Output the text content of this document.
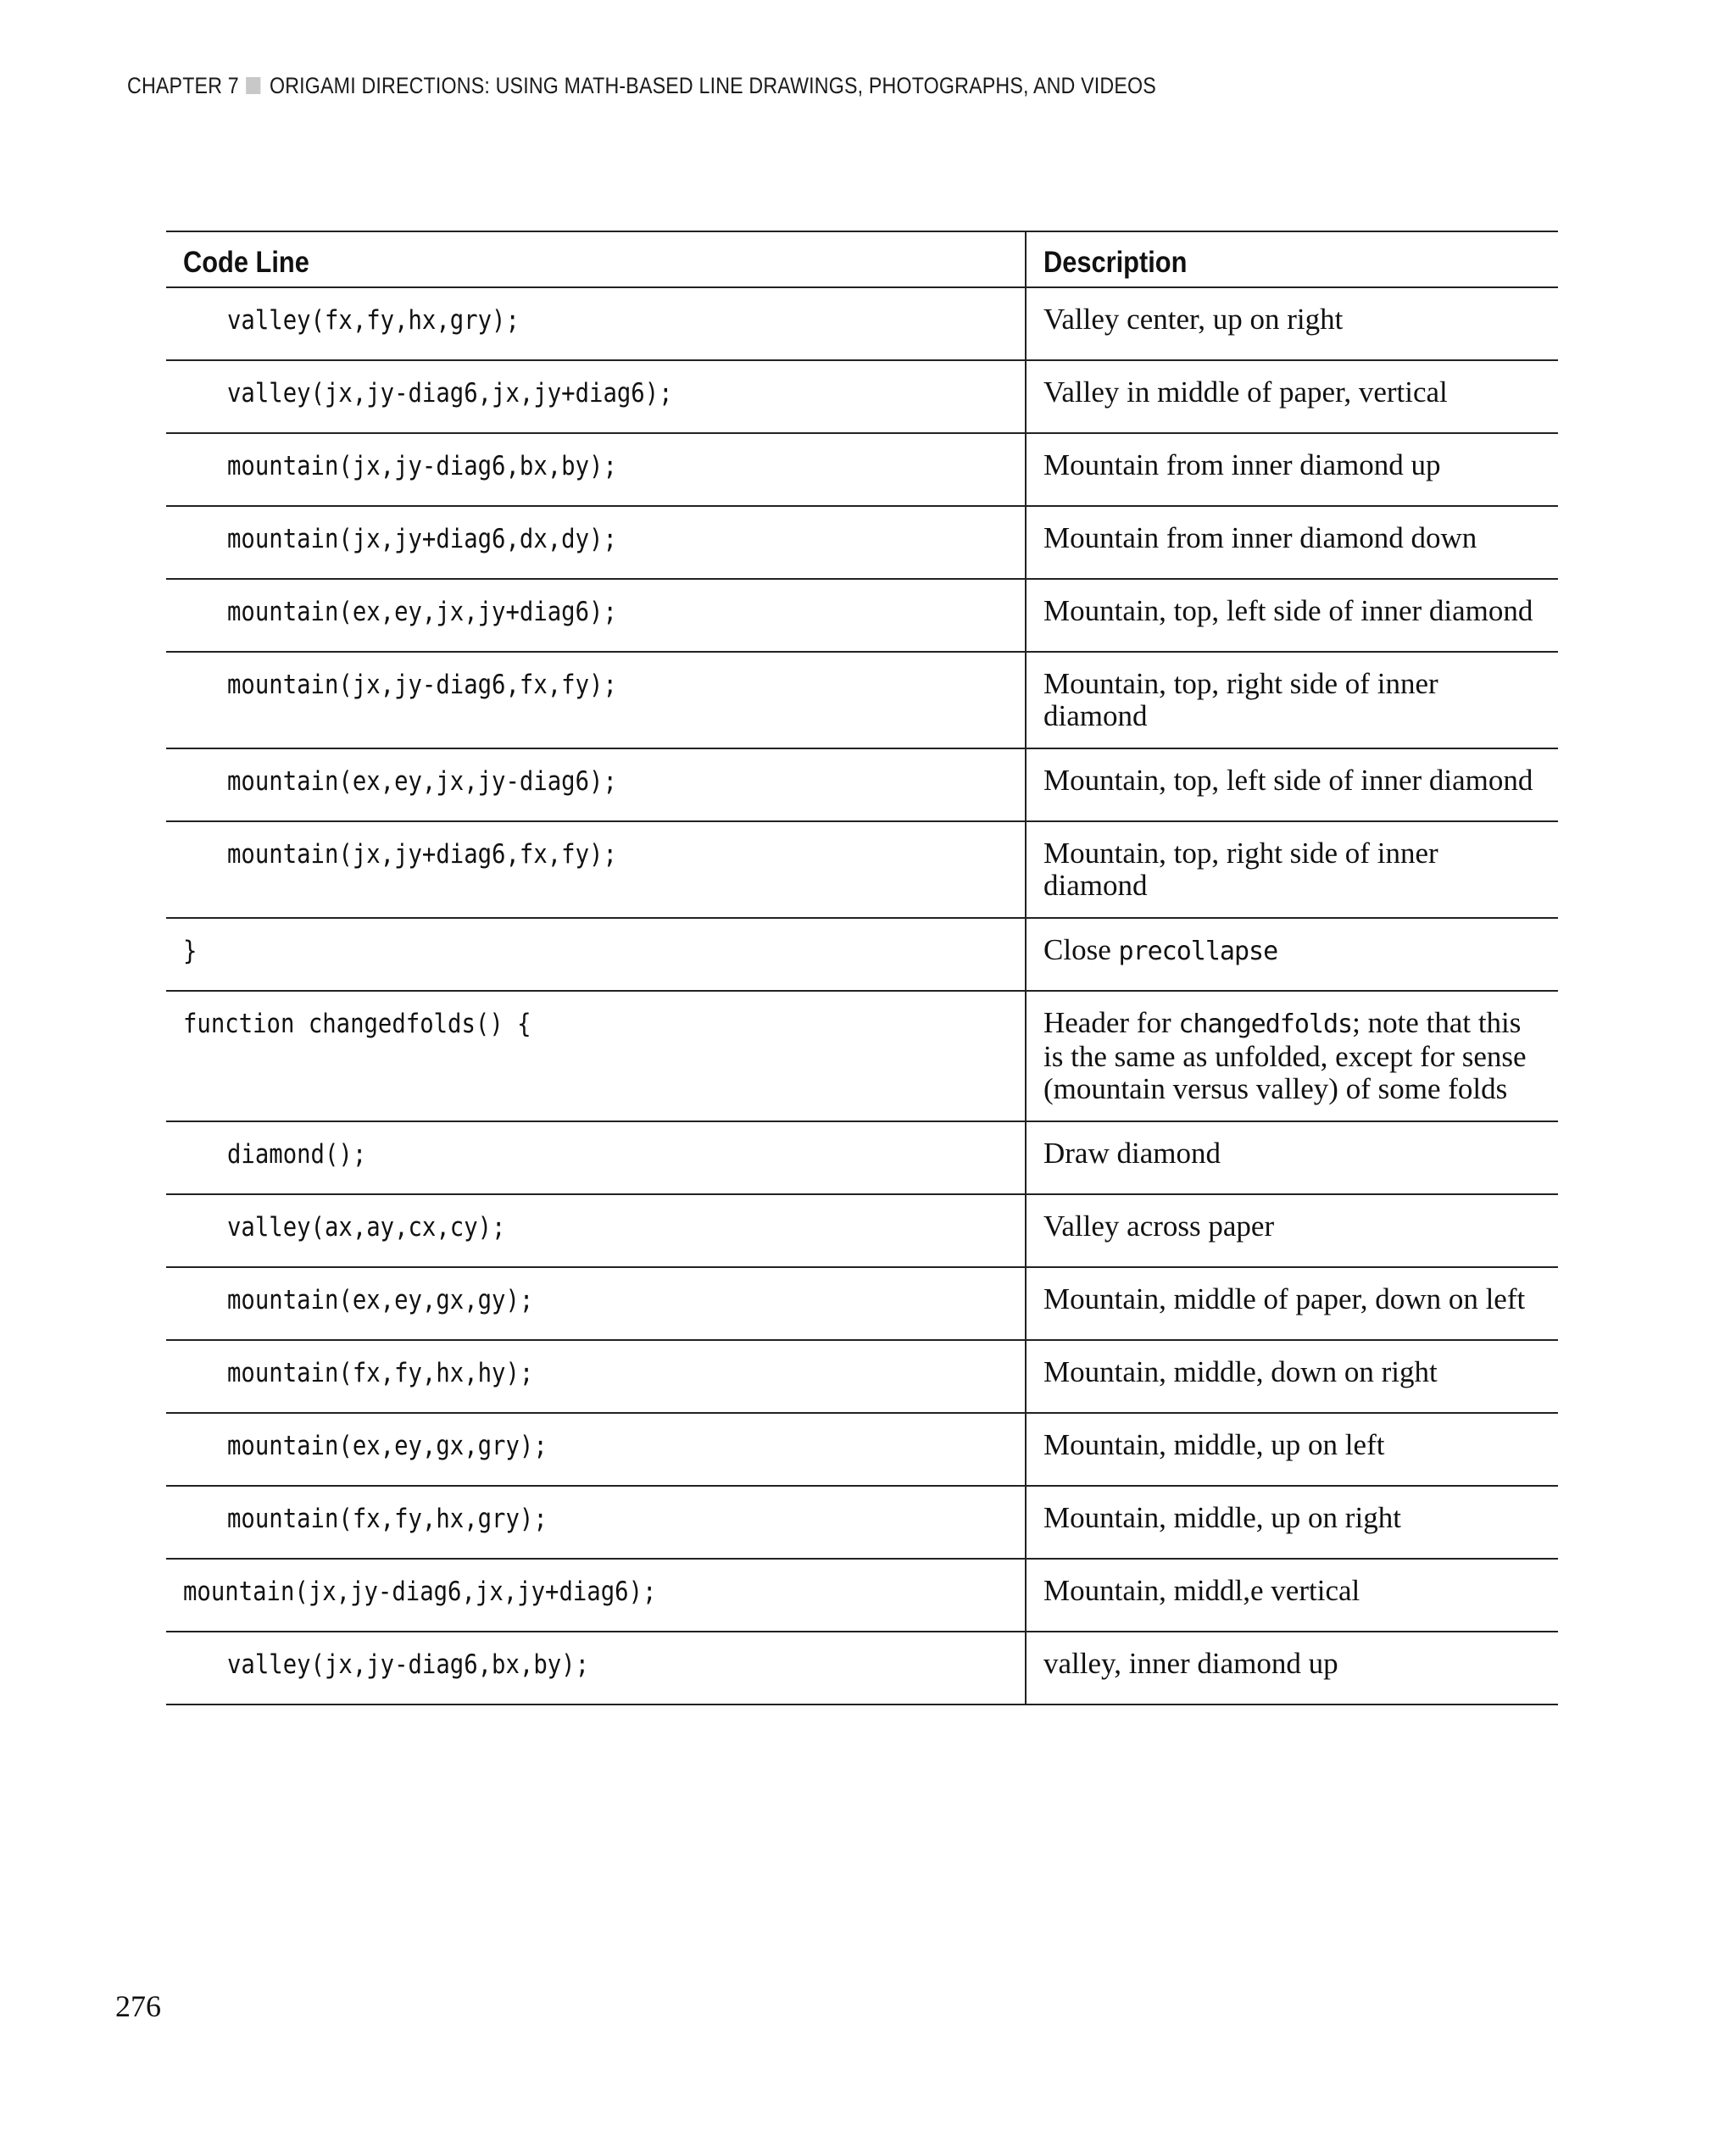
CHAPTER 7 ORIGAMI DIRECTIONS: USING MATH-BASED LINE DRAWINGS, PHOTOGRAPHS, AND VIDEOS
Code Line	Description
valley(fx,fy,hx,gry);	Valley center, up on right
valley(jx,jy-diag6,jx,jy+diag6);	Valley in middle of paper, vertical
mountain(jx,jy-diag6,bx,by);	Mountain from inner diamond up
mountain(jx,jy+diag6,dx,dy);	Mountain from inner diamond down
mountain(ex,ey,jx,jy+diag6);	Mountain, top, left side of inner diamond
mountain(jx,jy-diag6,fx,fy);	Mountain, top, right side of inner diamond
mountain(ex,ey,jx,jy-diag6);	Mountain, top, left side of inner diamond
mountain(jx,jy+diag6,fx,fy);	Mountain, top, right side of inner diamond
}	Close precollapse
function changedfolds() {	Header for changedfolds; note that this is the same as unfolded, except for sense (mountain versus valley) of some folds
diamond();	Draw diamond
valley(ax,ay,cx,cy);	Valley across paper
mountain(ex,ey,gx,gy);	Mountain, middle of paper, down on left
mountain(fx,fy,hx,hy);	Mountain, middle, down on right
mountain(ex,ey,gx,gry);	Mountain, middle, up on left
mountain(fx,fy,hx,gry);	Mountain, middle, up on right
mountain(jx,jy-diag6,jx,jy+diag6);	Mountain, middl,e vertical
valley(jx,jy-diag6,bx,by);	valley, inner diamond up
276
